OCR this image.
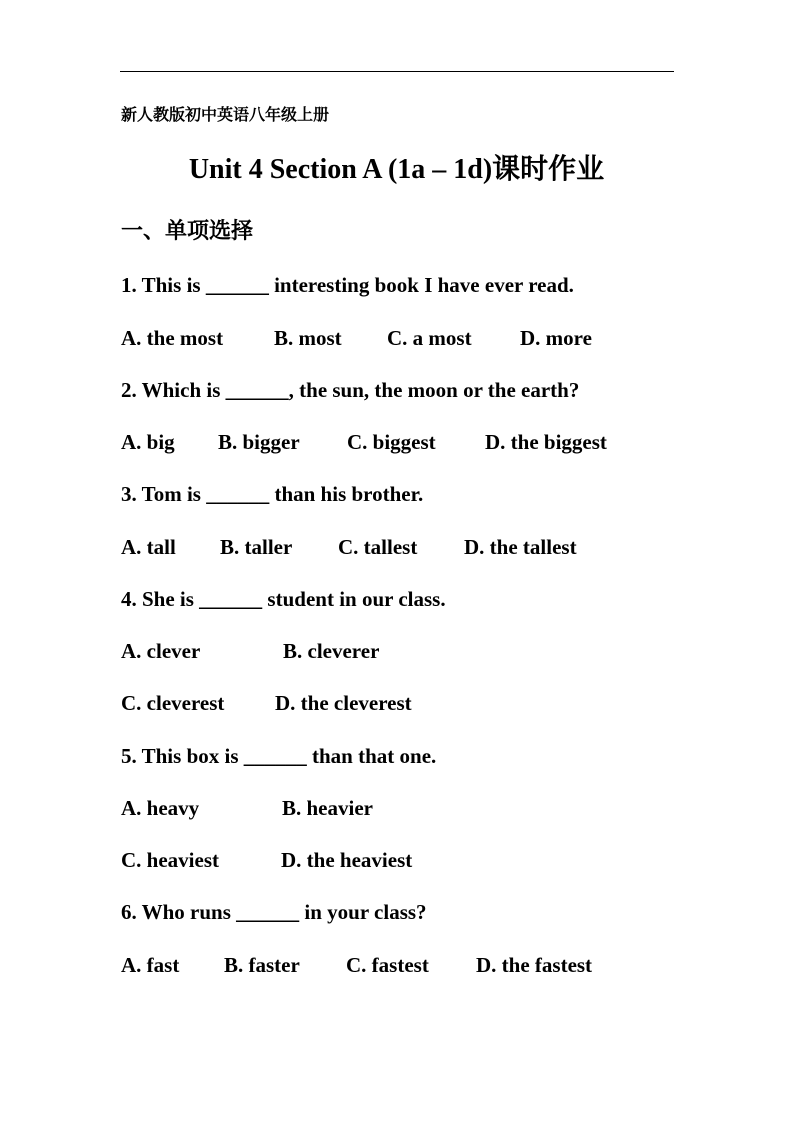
新人教版初中英语八年级上册
Unit 4 Section A (1a – 1d)课时作业
一、单项选择
1. This is ______ interesting book I have ever read.
A. the most B. most C. a most D. more
2. Which is ______, the sun, the moon or the earth?
A. big B. bigger C. biggest D. the biggest
3. Tom is ______ than his brother.
A. tall B. taller C. tallest D. the tallest
4. She is ______ student in our class.
A. clever	B. cleverer
C. cleverest D. the cleverest
5. This box is ______ than that one.
A. heavy	B. heavier
C. heaviest	D. the heaviest
6. Who runs ______ in your class?
A. fast B. faster C. fastest D. the fastest
